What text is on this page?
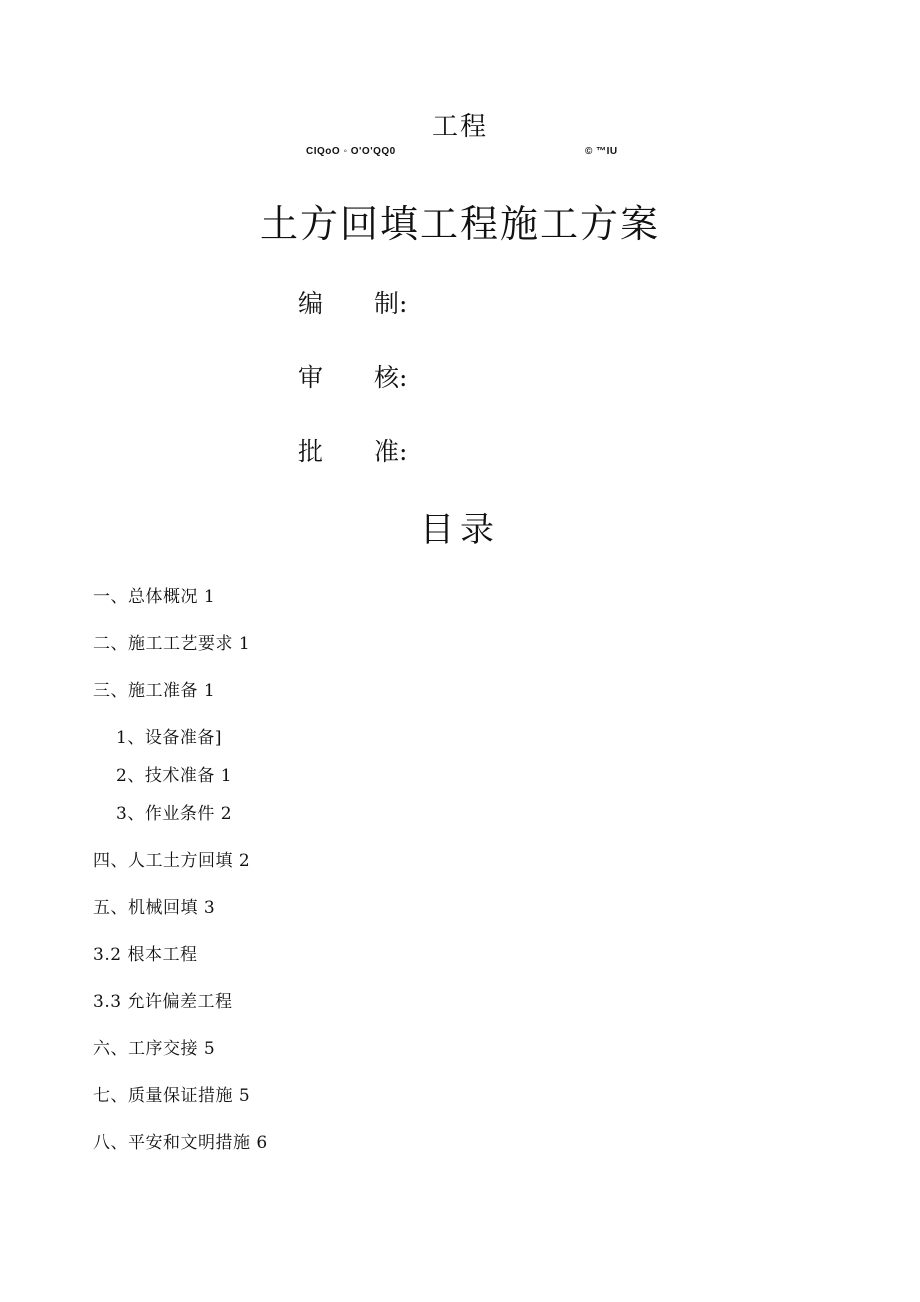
工程
CIQoO ◦ O'O'QQ0	© ™IU
土方回填工程施工方案
编 制:
审 核:
批 准:
目录
一、总体概况 1
二、施工工艺要求 1
三、施工准备 1
1、设备准备]
2、技术准备 1
3、作业条件 2
四、人工土方回填 2
五、机械回填 3
3.2 根本工程
3.3 允许偏差工程
六、工序交接 5
七、质量保证措施 5
八、平安和文明措施 6
